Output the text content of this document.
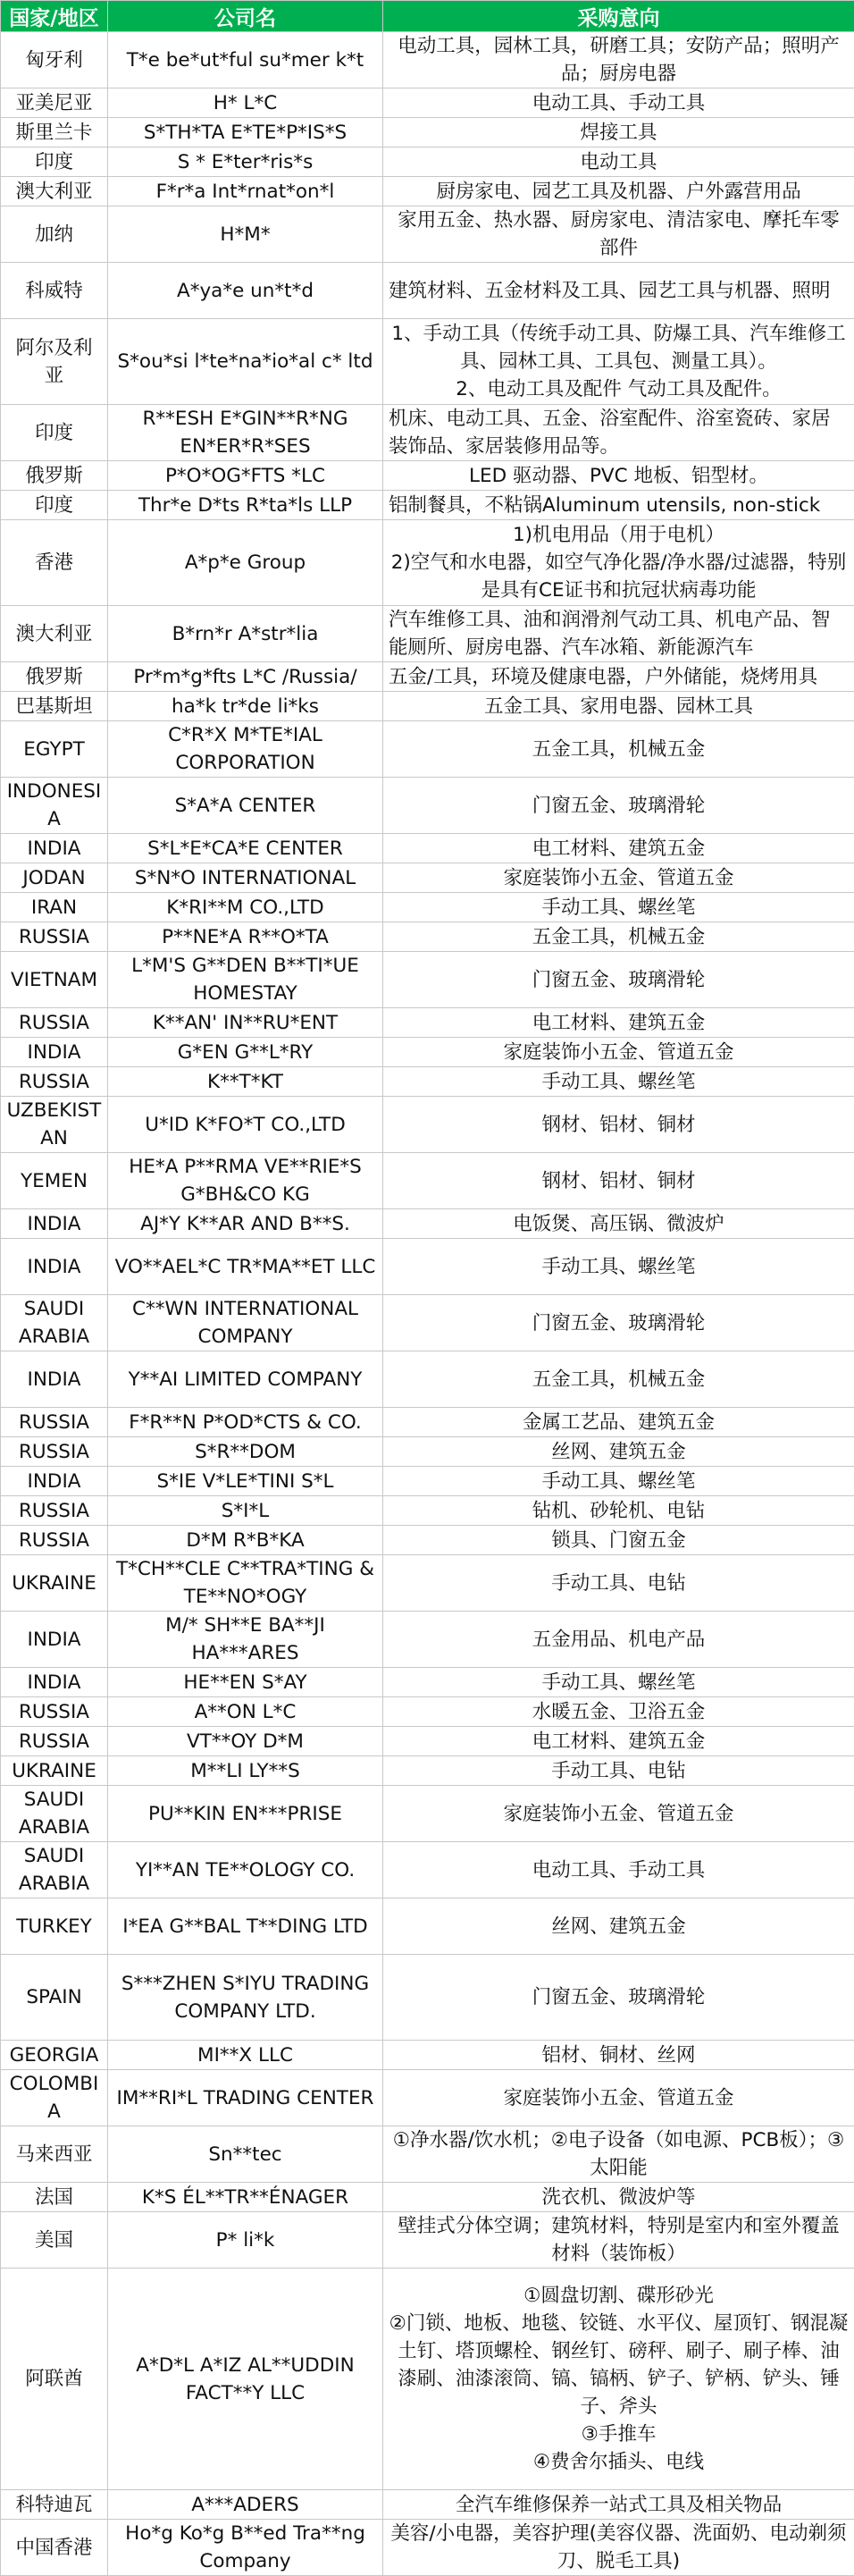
国家/地区	公司名	采购意向
匈牙利	T*e be*ut*ful su*mer k*t	电动工具，园林工具，研磨工具；安防产品；照明产品；厨房电器
亚美尼亚	H* L*C	电动工具、手动工具
斯里兰卡	S*TH*TA E*TE*P*IS*S	焊接工具
印度	S * E*ter*ris*s	电动工具
澳大利亚	F*r*a Int*rnat*on*l	厨房家电、园艺工具及机器、户外露营用品
加纳	H*M*	家用五金、热水器、厨房家电、清洁家电、摩托车零部件
科威特	A*ya*e un*t*d	建筑材料、五金材料及工具、园艺工具与机器、照明
阿尔及利亚	S*ou*si l*te*na*io*al c* ltd	1、手动工具（传统手动工具、防爆工具、汽车维修工具、园林工具、工具包、测量工具）。
2、电动工具及配件 气动工具及配件。
印度	R**ESH E*GIN**R*NG EN*ER*R*SES	机床、电动工具、五金、浴室配件、浴室瓷砖、家居装饰品、家居装修用品等。
俄罗斯	P*O*OG*FTS *LC	LED 驱动器、PVC 地板、铝型材。
印度	Thr*e D*ts R*ta*ls LLP	铝制餐具，不粘锅Aluminum utensils, non-stick
香港	A*p*e Group	1)机电用品（用于电机）
2)空气和水电器，如空气净化器/净水器/过滤器，特别是具有CE证书和抗冠状病毒功能
澳大利亚	B*rn*r A*str*lia	汽车维修工具、油和润滑剂气动工具、机电产品、智能厕所、厨房电器、汽车冰箱、新能源汽车
俄罗斯	Pr*m*g*fts L*C /Russia/	五金/工具，环境及健康电器，户外储能，烧烤用具
巴基斯坦	ha*k tr*de li*ks	五金工具、家用电器、园林工具
EGYPT	C*R*X M*TE*IAL CORPORATION	五金工具，机械五金
INDONESIA	S*A*A CENTER	门窗五金、玻璃滑轮
INDIA	S*L*E*CA*E CENTER	电工材料、建筑五金
JODAN	S*N*O INTERNATIONAL	家庭装饰小五金、管道五金
IRAN	K*RI**M CO.,LTD	手动工具、螺丝笔
RUSSIA	P**NE*A R**O*TA	五金工具，机械五金
VIETNAM	L*M'S G**DEN B**TI*UE HOMESTAY	门窗五金、玻璃滑轮
RUSSIA	K**AN' IN**RU*ENT	电工材料、建筑五金
INDIA	G*EN G**L*RY	家庭装饰小五金、管道五金
RUSSIA	K**T*KT	手动工具、螺丝笔
UZBEKISTAN	U*ID K*FO*T CO.,LTD	钢材、铝材、铜材
YEMEN	HE*A P**RMA VE**RIE*S G*BH&CO KG	钢材、铝材、铜材
INDIA	AJ*Y K**AR AND B**S.	电饭煲、高压锅、微波炉
INDIA	VO**AEL*C TR*MA**ET LLC	手动工具、螺丝笔
SAUDI ARABIA	C**WN INTERNATIONAL COMPANY	门窗五金、玻璃滑轮
INDIA	Y**AI LIMITED COMPANY	五金工具，机械五金
RUSSIA	F*R**N P*OD*CTS & CO.	金属工艺品、建筑五金
RUSSIA	S*R**DOM	丝网、建筑五金
INDIA	S*IE V*LE*TINI S*L	手动工具、螺丝笔
RUSSIA	S*I*L	钻机、砂轮机、电钻
RUSSIA	D*M R*B*KA	锁具、门窗五金
UKRAINE	T*CH**CLE C**TRA*TING & TE**NO*OGY	手动工具、电钻
INDIA	M/* SH**E BA**JI HA***ARES	五金用品、机电产品
INDIA	HE**EN S*AY	手动工具、螺丝笔
RUSSIA	A**ON L*C	水暖五金、卫浴五金
RUSSIA	VT**OY D*M	电工材料、建筑五金
UKRAINE	M**LI LY**S	手动工具、电钻
SAUDI ARABIA	PU**KIN EN***PRISE	家庭装饰小五金、管道五金
SAUDI ARABIA	YI**AN TE**OLOGY CO.	电动工具、手动工具
TURKEY	I*EA G**BAL T**DING LTD	丝网、建筑五金
SPAIN	S***ZHEN S*IYU TRADING COMPANY LTD.	门窗五金、玻璃滑轮
GEORGIA	MI**X LLC	铝材、铜材、丝网
COLOMBIA	IM**RI*L TRADING CENTER	家庭装饰小五金、管道五金
马来西亚	Sn**tec	①净水器/饮水机；②电子设备（如电源、PCB板）；③太阳能
法国	K*S ÉL**TR**ÉNAGER	洗衣机、微波炉等
美国	P* li*k	壁挂式分体空调；建筑材料，特别是室内和室外覆盖材料（装饰板）
阿联酋	A*D*L A*IZ AL**UDDIN FACT**Y LLC	①圆盘切割、碟形砂光
②门锁、地板、地毯、铰链、水平仪、屋顶钉、钢混凝土钉、塔顶螺栓、钢丝钉、磅秤、刷子、刷子棒、油漆刷、油漆滚筒、镐、镐柄、铲子、铲柄、铲头、锤子、斧头
③手推车
④费舍尔插头、电线
科特迪瓦	A***ADERS	全汽车维修保养一站式工具及相关物品
中国香港	Ho*g Ko*g B**ed Tra**ng Company	美容/小电器，美容护理(美容仪器、洗面奶、电动剃须刀、脱毛工具)
